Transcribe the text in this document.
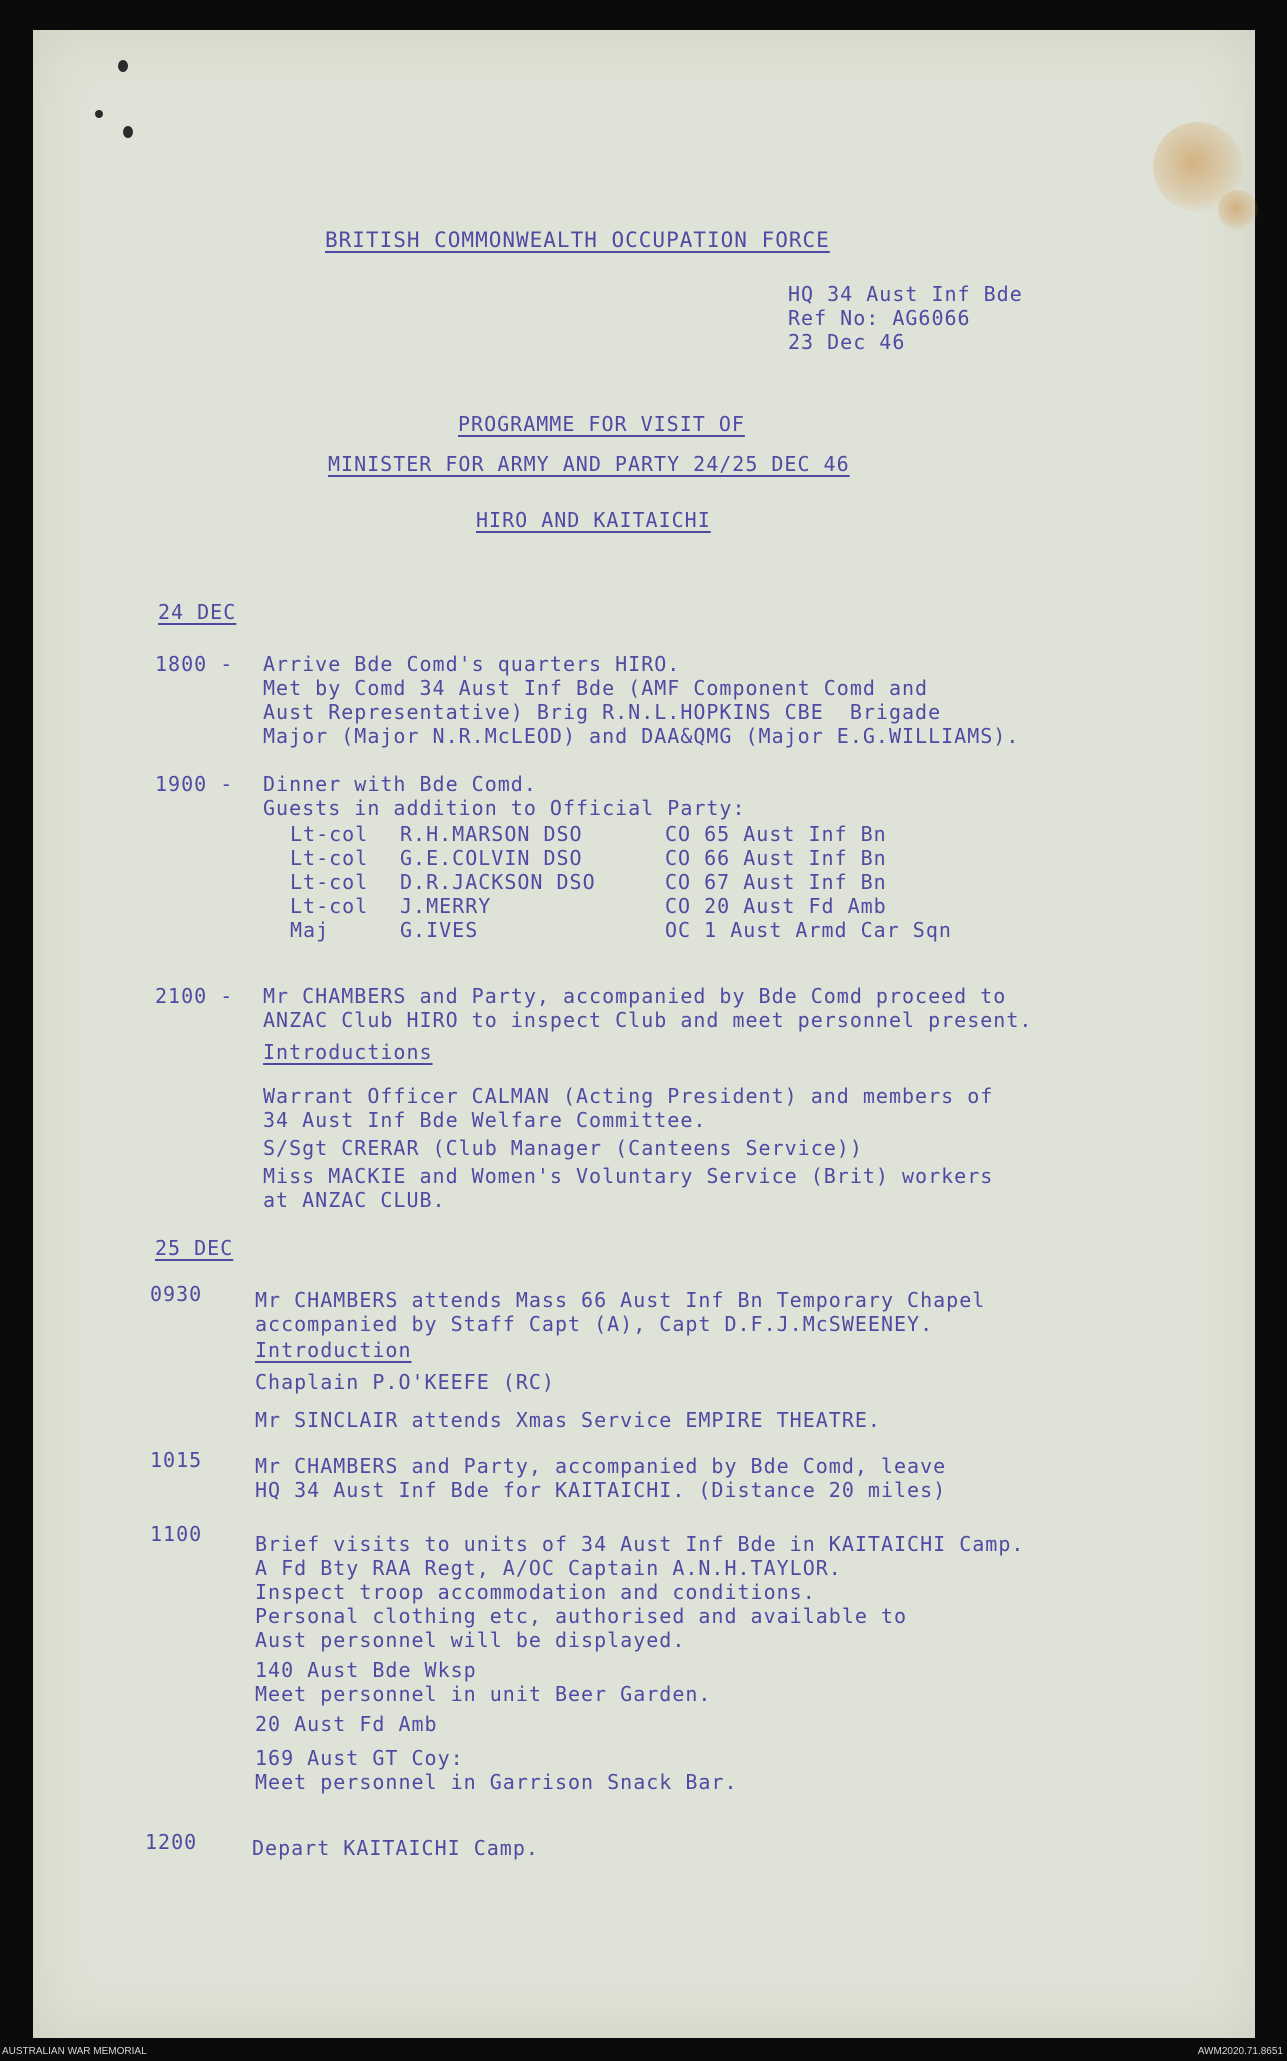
BRITISH COMMONWEALTH OCCUPATION FORCE
HQ 34 Aust Inf Bde
Ref No: AG6066
23 Dec 46
PROGRAMME FOR VISIT OF
MINISTER FOR ARMY AND PARTY 24/25 DEC 46
HIRO AND KAITAICHI
24 DEC
1800 - Arrive Bde Comd's quarters HIRO.
Met by Comd 34 Aust Inf Bde (AMF Component Comd and
Aust Representative) Brig R.N.L.HOPKINS CBE  Brigade
Major (Major N.R.McLEOD) and DAA&QMG (Major E.G.WILLIAMS).
1900 - Dinner with Bde Comd.
Guests in addition to Official Party:
Lt-col R.H.MARSON DSO	CO 65 Aust Inf Bn
Lt-col G.E.COLVIN DSO	CO 66 Aust Inf Bn
Lt-col D.R.JACKSON DSO	CO 67 Aust Inf Bn
Lt-col J.MERRY	CO 20 Aust Fd Amb
Maj	G.IVES	OC 1 Aust Armd Car Sqn
2100 - Mr CHAMBERS and Party, accompanied by Bde Comd proceed to
ANZAC Club HIRO to inspect Club and meet personnel present.
Introductions
Warrant Officer CALMAN (Acting President) and members of
34 Aust Inf Bde Welfare Committee.
S/Sgt CRERAR (Club Manager (Canteens Service))
Miss MACKIE and Women's Voluntary Service (Brit) workers
at ANZAC CLUB.
25 DEC
0930	Mr CHAMBERS attends Mass 66 Aust Inf Bn Temporary Chapel
accompanied by Staff Capt (A), Capt D.F.J.McSWEENEY.
Introduction
Chaplain P.O'KEEFE (RC)
Mr SINCLAIR attends Xmas Service EMPIRE THEATRE.
1015	Mr CHAMBERS and Party, accompanied by Bde Comd, leave
HQ 34 Aust Inf Bde for KAITAICHI. (Distance 20 miles)
1100	Brief visits to units of 34 Aust Inf Bde in KAITAICHI Camp.
A Fd Bty RAA Regt, A/OC Captain A.N.H.TAYLOR.
Inspect troop accommodation and conditions.
Personal clothing etc, authorised and available to
Aust personnel will be displayed.
140 Aust Bde Wksp
Meet personnel in unit Beer Garden.
20 Aust Fd Amb
169 Aust GT Coy:
Meet personnel in Garrison Snack Bar.
1200	Depart KAITAICHI Camp.
AUSTRALIAN WAR MEMORIAL	AWM2020.71.8651
